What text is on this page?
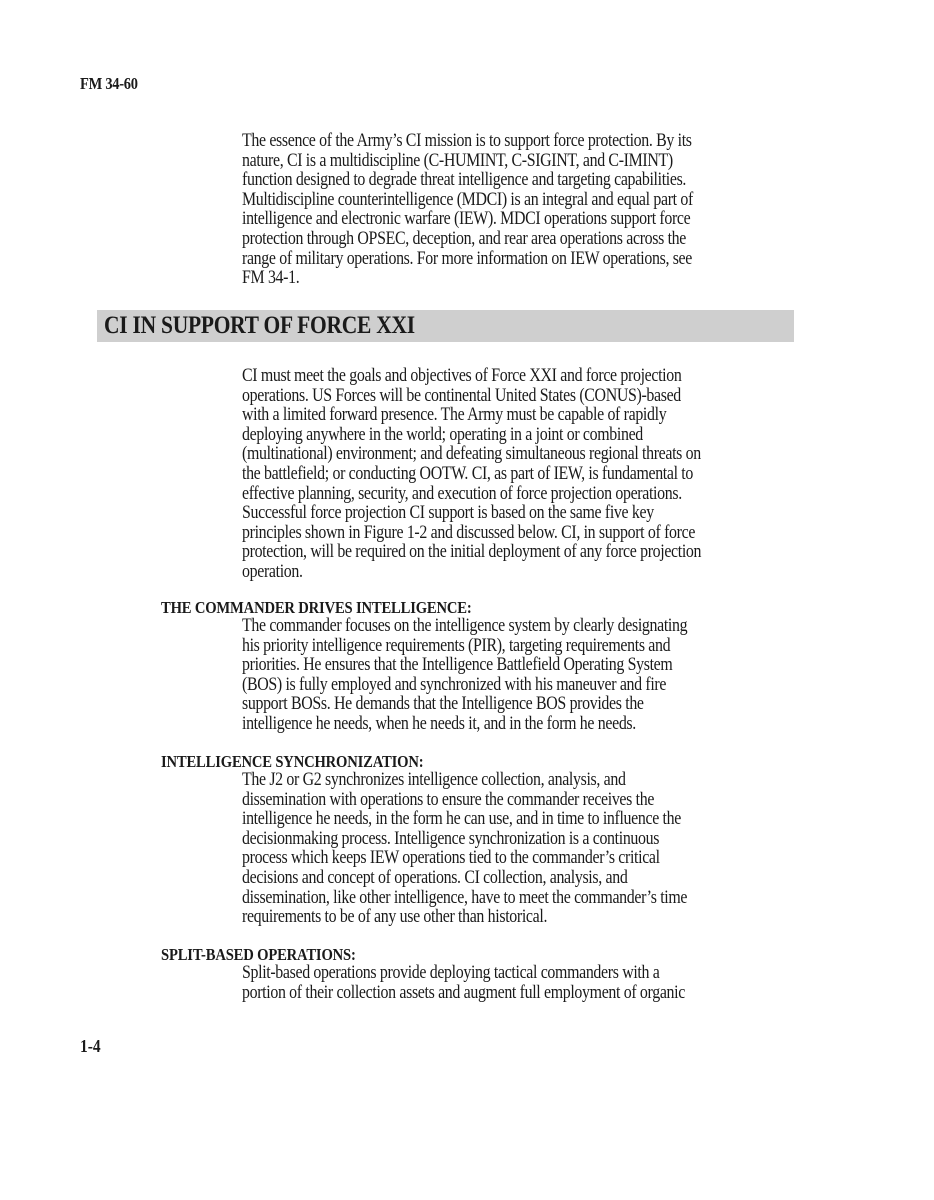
FM 34-60
The essence of the Army’s CI mission is to support force protection. By its
nature, CI is a multidiscipline (C-HUMINT, C-SIGINT, and C-IMINT)
function designed to degrade threat intelligence and targeting capabilities.
Multidiscipline counterintelligence (MDCI) is an integral and equal part of
intelligence and electronic warfare (IEW). MDCI operations support force
protection through OPSEC, deception, and rear area operations across the
range of military operations. For more information on IEW operations, see
FM 34-1.
CI IN SUPPORT OF FORCE XXI
CI must meet the goals and objectives of Force XXI and force projection
operations. US Forces will be continental United States (CONUS)-based
with a limited forward presence. The Army must be capable of rapidly
deploying anywhere in the world; operating in a joint or combined
(multinational) environment; and defeating simultaneous regional threats on
the battlefield; or conducting OOTW. CI, as part of IEW, is fundamental to
effective planning, security, and execution of force projection operations.
Successful force projection CI support is based on the same five key
principles shown in Figure 1-2 and discussed below. CI, in support of force
protection, will be required on the initial deployment of any force projection
operation.
THE COMMANDER DRIVES INTELLIGENCE:
The commander focuses on the intelligence system by clearly designating
his priority intelligence requirements (PIR), targeting requirements and
priorities. He ensures that the Intelligence Battlefield Operating System
(BOS) is fully employed and synchronized with his maneuver and fire
support BOSs. He demands that the Intelligence BOS provides the
intelligence he needs, when he needs it, and in the form he needs.
INTELLIGENCE SYNCHRONIZATION:
The J2 or G2 synchronizes intelligence collection, analysis, and
dissemination with operations to ensure the commander receives the
intelligence he needs, in the form he can use, and in time to influence the
decisionmaking process. Intelligence synchronization is a continuous
process which keeps IEW operations tied to the commander’s critical
decisions and concept of operations. CI collection, analysis, and
dissemination, like other intelligence, have to meet the commander’s time
requirements to be of any use other than historical.
SPLIT-BASED OPERATIONS:
Split-based operations provide deploying tactical commanders with a
portion of their collection assets and augment full employment of organic
1-4
